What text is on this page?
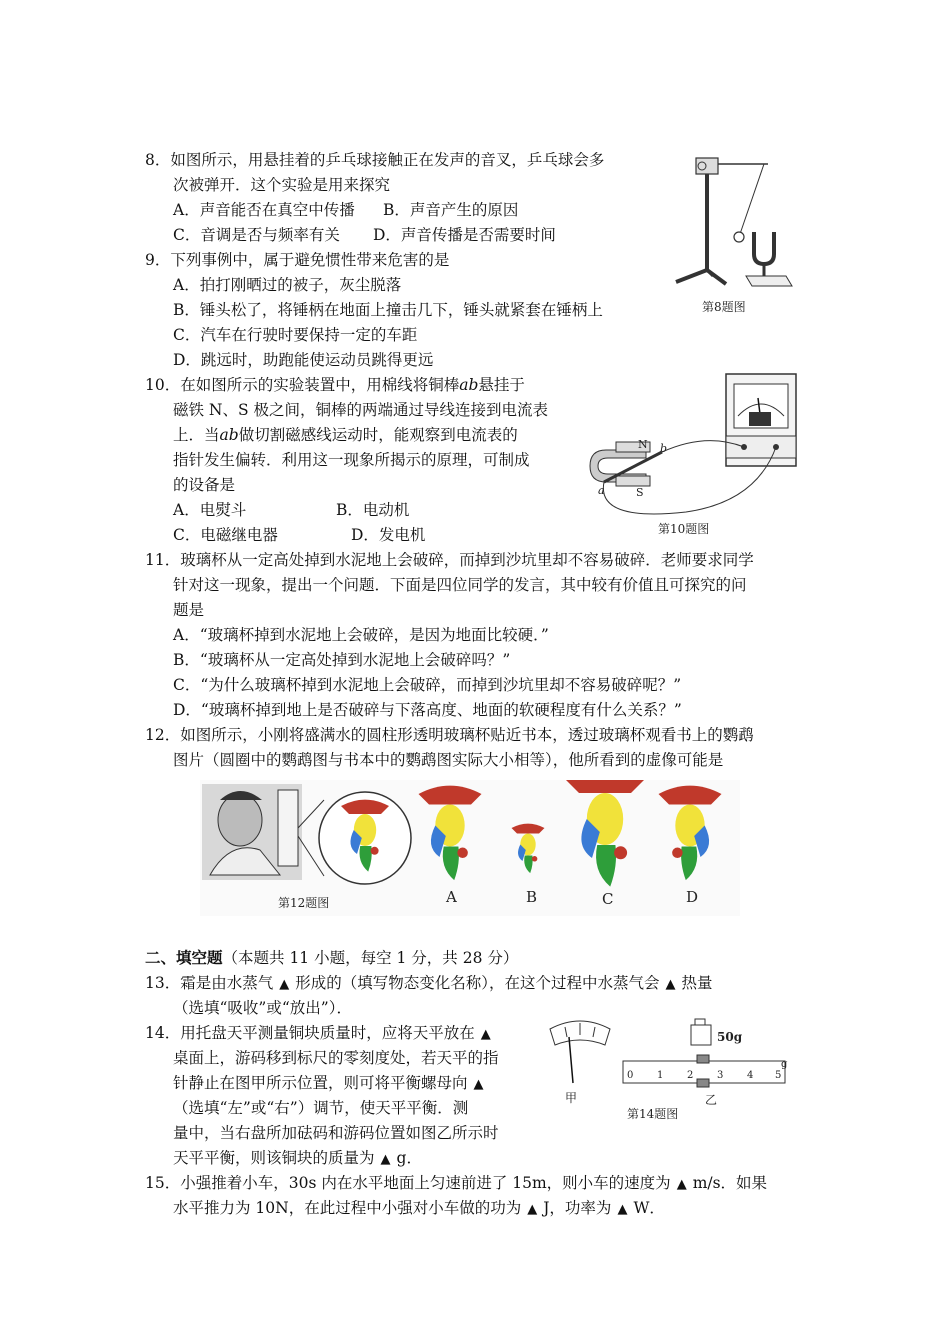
8．如图所示，用悬挂着的乒乓球接触正在发声的音叉，乒乓球会多
次被弹开．这个实验是用来探究
A．声音能否在真空中传播 B．声音产生的原因
C．音调是否与频率有关 D．声音传播是否需要时间
第8题图
9．下列事例中，属于避免惯性带来危害的是
A．拍打刚晒过的被子，灰尘脱落
B．锤头松了，将锤柄在地面上撞击几下，锤头就紧套在锤柄上
C．汽车在行驶时要保持一定的车距
D．跳远时，助跑能使运动员跳得更远
10．在如图所示的实验装置中，用棉线将铜棒ab悬挂于
磁铁 N、S 极之间，铜棒的两端通过导线连接到电流表
上．当ab做切割磁感线运动时，能观察到电流表的
指针发生偏转．利用这一现象所揭示的原理，可制成
的设备是
A．电熨斗	B．电动机
C．电磁继电器	D．发电机
N
S
a
b
第10题图
11．玻璃杯从一定高处掉到水泥地上会破碎，而掉到沙坑里却不容易破碎．老师要求同学
针对这一现象，提出一个问题．下面是四位同学的发言，其中较有价值且可探究的问
题是
A．“玻璃杯掉到水泥地上会破碎，是因为地面比较硬．”
B．“玻璃杯从一定高处掉到水泥地上会破碎吗？”
C．“为什么玻璃杯掉到水泥地上会破碎，而掉到沙坑里却不容易破碎呢？”
D．“玻璃杯掉到地上是否破碎与下落高度、地面的软硬程度有什么关系？”
12．如图所示，小刚将盛满水的圆柱形透明玻璃杯贴近书本，透过玻璃杯观看书上的鹦鹉
图片（圆圈中的鹦鹉图与书本中的鹦鹉图实际大小相等），他所看到的虚像可能是
第12题图	A	B	C	D
二、填空题（本题共 11 小题，每空 1 分，共 28 分）
13．霜是由水蒸气 ▲ 形成的（填写物态变化名称），在这个过程中水蒸气会 ▲ 热量
（选填“吸收”或“放出”）．
14．用托盘天平测量铜块质量时，应将天平放在 ▲
桌面上，游码移到标尺的零刻度处，若天平的指
针静止在图甲所示位置，则可将平衡螺母向 ▲
（选填“左”或“右”）调节，使天平平衡．测
量中，当右盘所加砝码和游码位置如图乙所示时
天平平衡，则该铜块的质量为 ▲ g．
50g
0 1 2 3 4 5
g
甲	乙
第14题图
15．小强推着小车，30s 内在水平地面上匀速前进了 15m，则小车的速度为 ▲ m/s．如果
水平推力为 10N，在此过程中小强对小车做的功为 ▲ J，功率为 ▲ W．
